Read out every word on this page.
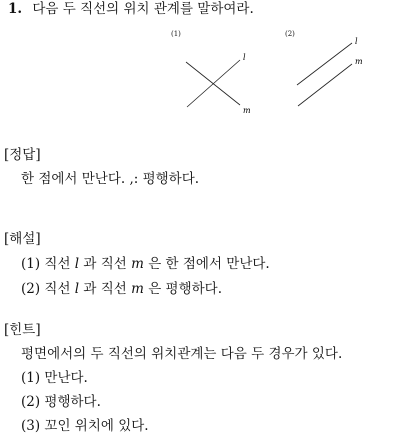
1. 다음 두 직선의 위치 관계를 말하여라.
(1)	(2)
l
m
l
m
[정답]
한 점에서 만난다. ,: 평행하다.
[해설]
(1) 직선 l 과 직선 m 은 한 점에서 만난다.
(2) 직선 l 과 직선 m 은 평행하다.
[힌트]
평면에서의 두 직선의 위치관계는 다음 두 경우가 있다.
(1) 만난다.
(2) 평행하다.
(3) 꼬인 위치에 있다.
